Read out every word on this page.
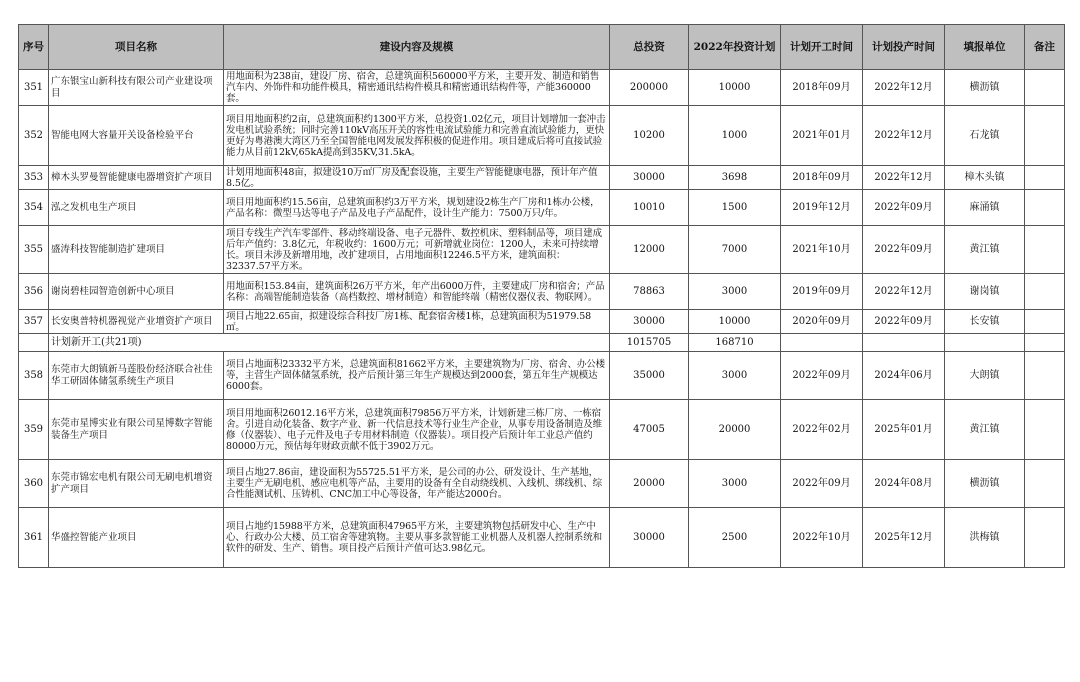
序号	项目名称	建设内容及规模	总投资	2022年投资计划	计划开工时间	计划投产时间	填报单位	备注
351	广东银宝山新科技有限公司产业建设项目	用地面积为238亩，建设厂房、宿舍，总建筑面积560000平方米，主要开发、制造和销售汽车内、外饰件和功能件模具，精密通讯结构件模具和精密通讯结构件等，产能360000套。	200000	10000	2018年09月	2022年12月	横沥镇	
352	智能电网大容量开关设备检验平台	项目用地面积约2亩，总建筑面积约1300平方米，总投资1.02亿元，项目计划增加一套冲击发电机试验系统；同时完善110kV高压开关的容性电流试验能力和完善直流试验能力，更快更好为粤港澳大湾区乃至全国智能电网发展发挥积极的促进作用。项目建成后将可直接试验能力从目前12kV,65kA提高到35KV,31.5kA。	10200	1000	2021年01月	2022年12月	石龙镇	
353	樟木头罗曼智能健康电器增资扩产项目	计划用地面积48亩，拟建设10万㎡厂房及配套设施，主要生产智能健康电器，预计年产值8.5亿。	30000	3698	2018年09月	2022年12月	樟木头镇	
354	泓之发机电生产项目	项目用地面积约15.56亩，总建筑面积约3万平方米，规划建设2栋生产厂房和1栋办公楼，产品名称：微型马达等电子产品及电子产品配件，设计生产能力：7500万只/年。	10010	1500	2019年12月	2022年09月	麻涌镇	
355	盛涛科技智能制造扩建项目	项目专线生产汽车零部件、移动终端设备、电子元器件、数控机床、塑料制品等，项目建成后年产值约：3.8亿元，年税收约：1600万元；可新增就业岗位：1200人，未来可持续增长。项目未涉及新增用地，改扩建项目，占用地面积12246.5平方米，建筑面积：32337.57平方米。	12000	7000	2021年10月	2022年09月	黄江镇	
356	谢岗碧桂园智造创新中心项目	用地面积153.84亩，建筑面积26万平方米，年产出6000万件，主要建成厂房和宿舍；产品名称：高端智能制造装备（高档数控、增材制造）和智能终端（精密仪器仪表、物联网）。	78863	3000	2019年09月	2022年12月	谢岗镇	
357	长安奥普特机器视觉产业增资扩产项目	项目占地22.65亩，拟建设综合科技厂房1栋、配套宿舍楼1栋，总建筑面积为51979.58㎡。	30000	10000	2020年09月	2022年09月	长安镇	
	计划新开工(共21项)		1015705	168710				
358	东莞市大朗镇新马莲股份经济联合社佳华工研固体储氢系统生产项目	项目占地面积23332平方米，总建筑面积81662平方米，主要建筑物为厂房、宿舍、办公楼等，主营生产固体储氢系统，投产后预计第三年生产规模达到2000套，第五年生产规模达6000套。	35000	3000	2022年09月	2024年06月	大朗镇	
359	东莞市星博实业有限公司星博数字智能装备生产项目	项目用地面积26012.16平方米，总建筑面积79856万平方米，计划新建三栋厂房、一栋宿舍。引进自动化装备、数字产业、新一代信息技术等行业生产企业，从事专用设备制造及维修（仪器装）、电子元件及电子专用材料制造（仪器装）。项目投产后预计年工业总产值约80000万元，预估每年财政贡献不低于3902万元。	47005	20000	2022年02月	2025年01月	黄江镇	
360	东莞市锦宏电机有限公司无刷电机增资扩产项目	项目占地27.86亩，建设面积为55725.51平方米，是公司的办公、研发设计、生产基地，主要生产无刷电机、感应电机等产品，主要用的设备有全自动绕线机、入线机、绑线机、综合性能测试机、压铸机、CNC加工中心等设备，年产能达2000台。	20000	3000	2022年09月	2024年08月	横沥镇	
361	华盛控智能产业项目	项目占地约15988平方米，总建筑面积47965平方米，主要建筑物包括研发中心、生产中心、行政办公大楼、员工宿舍等建筑物。主要从事多款智能工业机器人及机器人控制系统和软件的研发、生产、销售。项目投产后预计产值可达3.98亿元。	30000	2500	2022年10月	2025年12月	洪梅镇	
